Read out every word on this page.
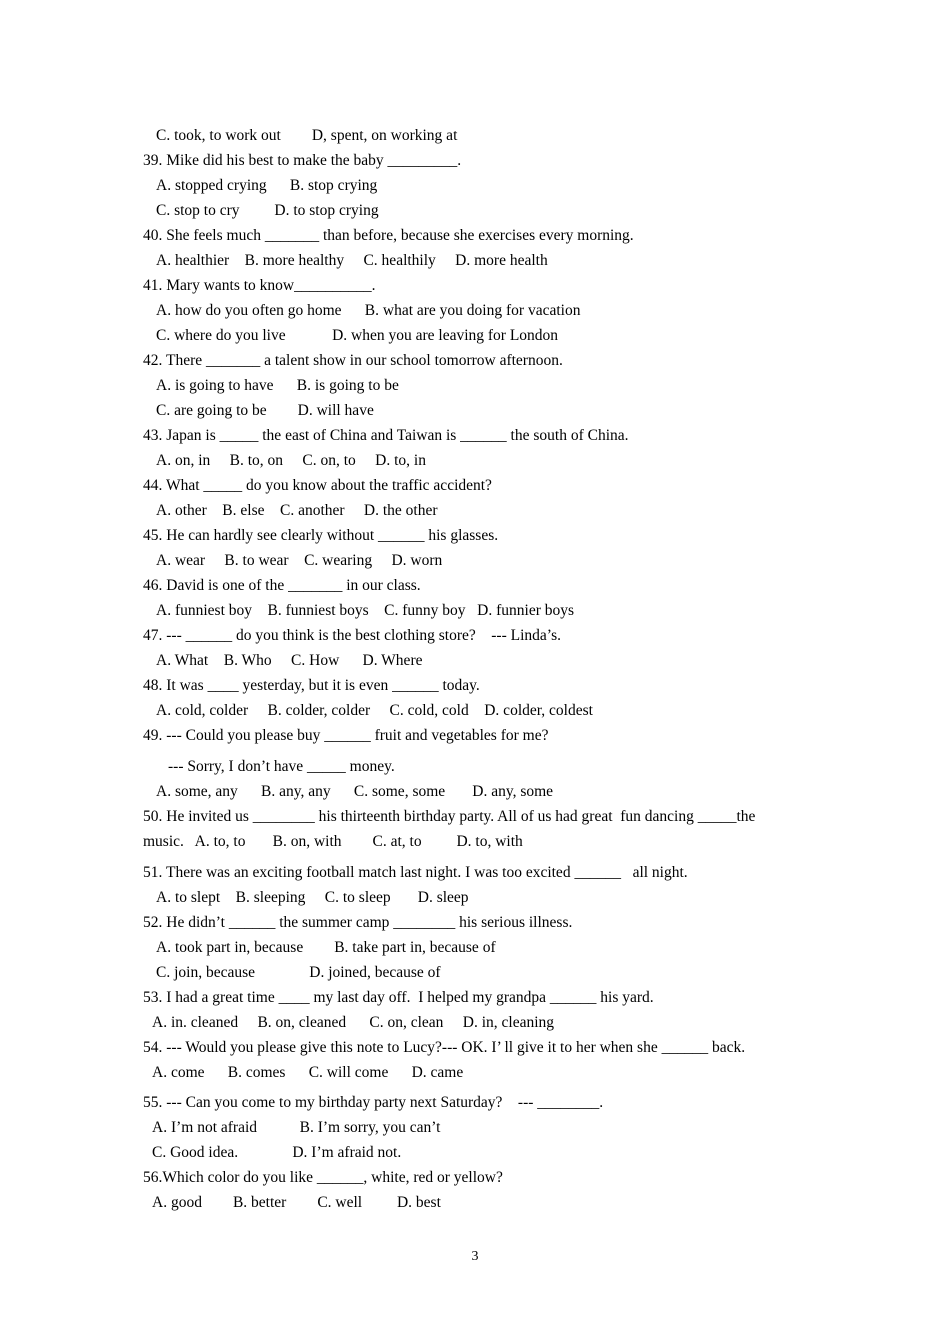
C. took, to work out        D, spent, on working at
39. Mike did his best to make the baby _________.
A. stopped crying      B. stop crying
C. stop to cry         D. to stop crying
40. She feels much _______ than before, because she exercises every morning.
A. healthier    B. more healthy     C. healthily     D. more health
41. Mary wants to know__________.
A. how do you often go home      B. what are you doing for vacation
C. where do you live            D. when you are leaving for London
42. There _______ a talent show in our school tomorrow afternoon.
A. is going to have      B. is going to be
C. are going to be        D. will have
43. Japan is _____ the east of China and Taiwan is ______ the south of China.
A. on, in     B. to, on     C. on, to     D. to, in
44. What _____ do you know about the traffic accident?
A. other    B. else    C. another     D. the other
45. He can hardly see clearly without ______ his glasses.
A. wear     B. to wear    C. wearing     D. worn
46. David is one of the _______ in our class.
A. funniest boy    B. funniest boys    C. funny boy   D. funnier boys
47. --- ______ do you think is the best clothing store?    --- Linda’s.
A. What    B. Who     C. How      D. Where
48. It was ____ yesterday, but it is even ______ today.
A. cold, colder     B. colder, colder     C. cold, cold    D. colder, coldest
49. --- Could you please buy ______ fruit and vegetables for me?
--- Sorry, I don’t have _____ money.
A. some, any      B. any, any      C. some, some       D. any, some
50. He invited us ________ his thirteenth birthday party. All of us had great  fun dancing _____the
music.   A. to, to       B. on, with        C. at, to         D. to, with
51. There was an exciting football match last night. I was too excited ______   all night.
A. to slept    B. sleeping     C. to sleep       D. sleep
52. He didn’t ______ the summer camp ________ his serious illness.
A. took part in, because        B. take part in, because of
C. join, because              D. joined, because of
53. I had a great time ____ my last day off.  I helped my grandpa ______ his yard.
A. in. cleaned     B. on, cleaned      C. on, clean     D. in, cleaning
54. --- Would you please give this note to Lucy?--- OK. I’ ll give it to her when she ______ back.
A. come      B. comes      C. will come      D. came
55. --- Can you come to my birthday party next Saturday?    --- ________.
A. I’m not afraid           B. I’m sorry, you can’t
C. Good idea.              D. I’m afraid not.
56.Which color do you like ______, white, red or yellow?
A. good        B. better        C. well         D. best
3
